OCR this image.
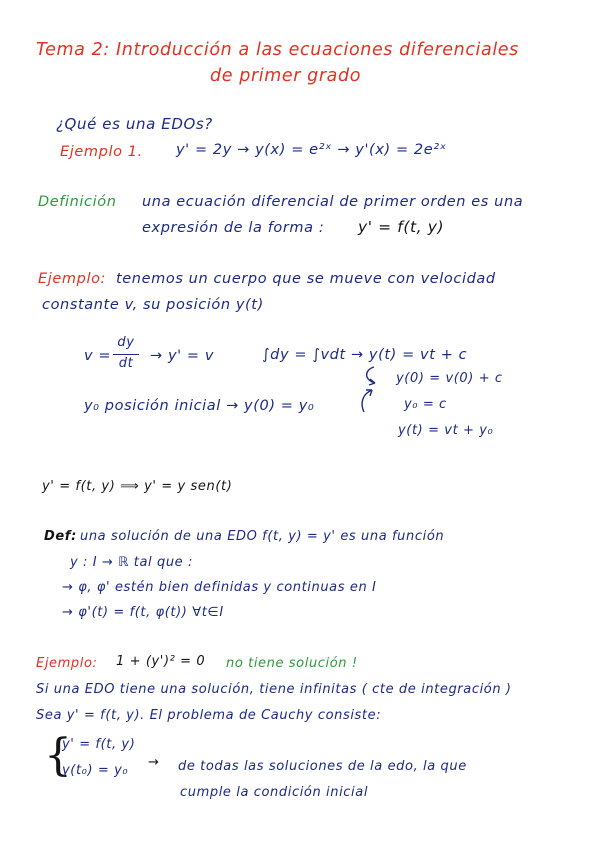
Tema 2: Introducción a las ecuaciones diferenciales
de primer grado
¿Qué es una EDOs?
Ejemplo 1. y' = 2y → y(x) = e²ˣ → y'(x) = 2e²ˣ
Definición una ecuación diferencial de primer orden es una
expresión de la forma : y' = f(t, y)
Ejemplo: tenemos un cuerpo que se mueve con velocidad
constante v, su posición y(t)
v =
dy
dt	→ y' = v	∫dy = ∫vdt → y(t) = vt + c
y(0) = v(0) + c
y₀ posición inicial → y(0) = y₀	y₀ = c
y(t) = vt + y₀
y' = f(t, y) ⟹ y' = y sen(t)
Def: una solución de una EDO f(t, y) = y' es una función
y : I → ℝ tal que :
→ φ, φ' estén bien definidas y continuas en I
→ φ'(t) = f(t, φ(t)) ∀t∈I
Ejemplo: 1 + (y')² = 0 no tiene solución !
Si una EDO tiene una solución, tiene infinitas ( cte de integración )
Sea y' = f(t, y). El problema de Cauchy consiste:
{
y' = f(t, y)
y(t₀) = y₀
→ de todas las soluciones de la edo, la que
cumple la condición inicial
